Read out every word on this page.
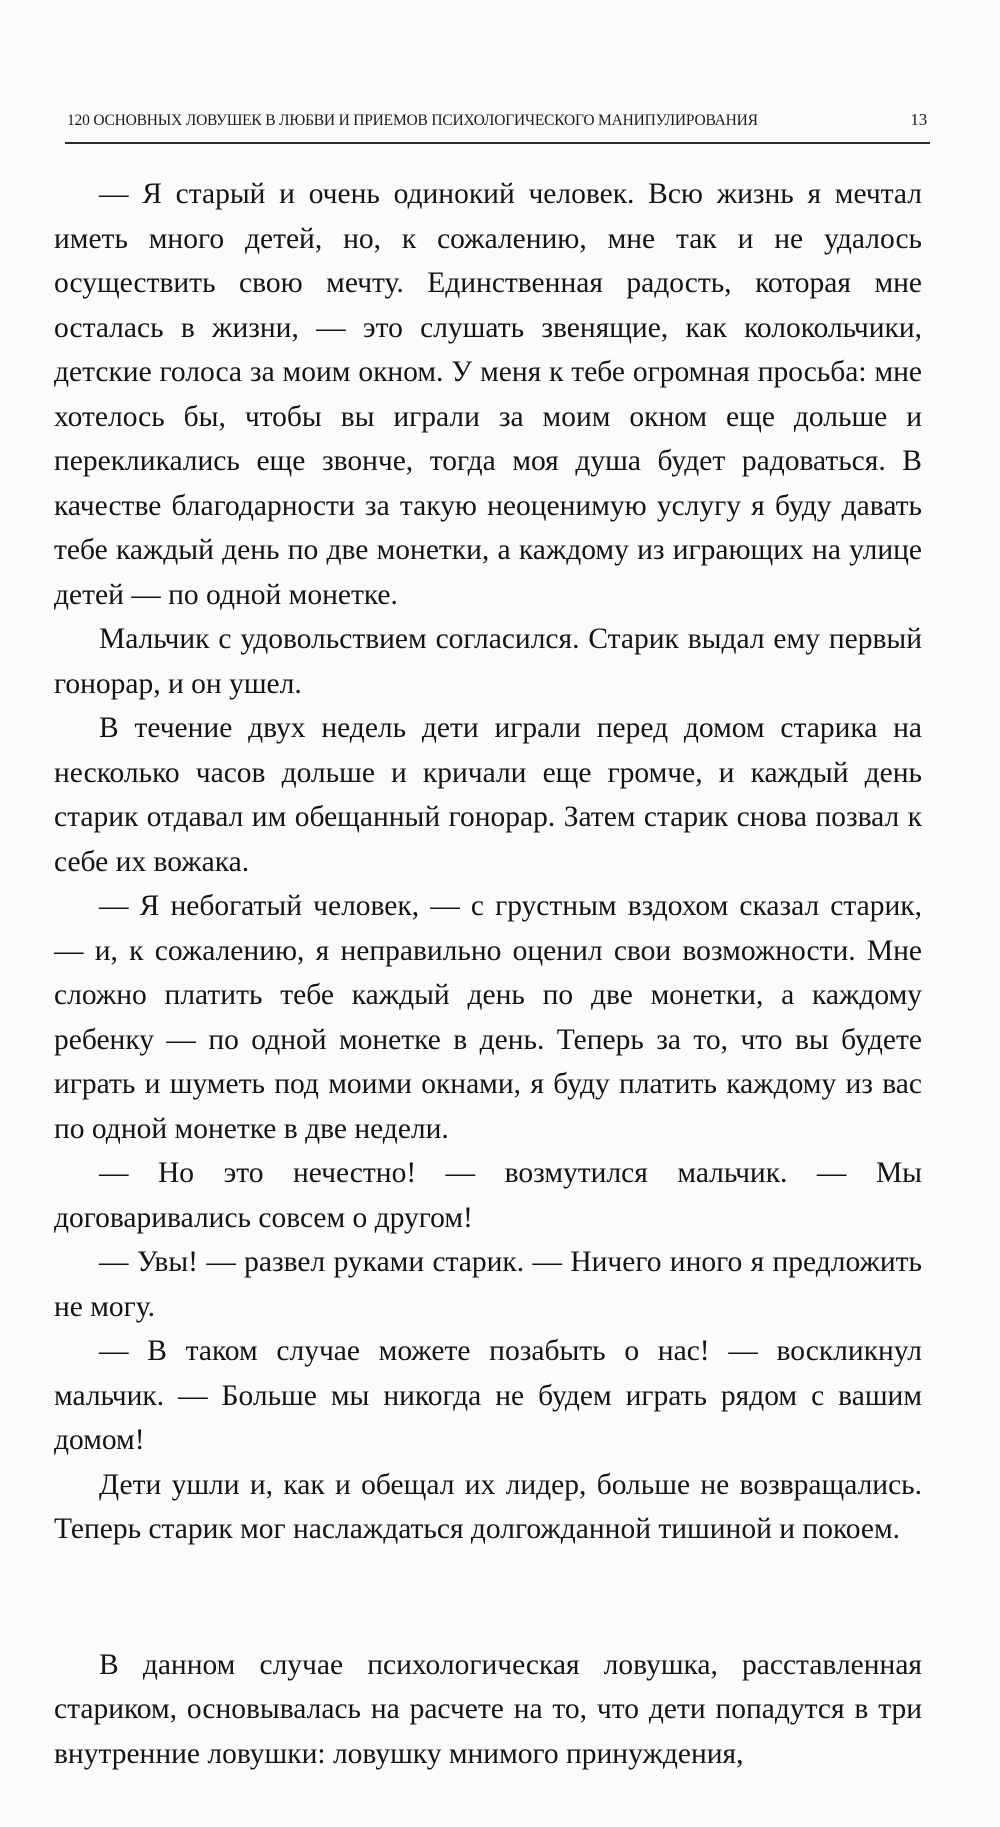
120 ОСНОВНЫХ ЛОВУШЕК В ЛЮБВИ И ПРИЕМОВ ПСИХОЛОГИЧЕСКОГО МАНИПУЛИРОВАНИЯ	13

— Я старый и очень одинокий человек. Всю жизнь я мечтал иметь много детей, но, к сожалению, мне так и не удалось осуществить свою мечту. Единственная радость, которая мне осталась в жизни, — это слушать звенящие, как колокольчики, детские голоса за моим окном. У меня к тебе огромная просьба: мне хотелось бы, чтобы вы играли за моим окном еще дольше и перекликались еще звонче, тогда моя душа будет радоваться. В качестве благодарности за такую неоценимую услугу я буду давать тебе каждый день по две монетки, а каждому из играющих на улице детей — по одной монетке.

Мальчик с удовольствием согласился. Старик выдал ему первый гонорар, и он ушел.

В течение двух недель дети играли перед домом старика на несколько часов дольше и кричали еще громче, и каждый день старик отдавал им обещанный гонорар. Затем старик снова позвал к себе их вожака.

— Я небогатый человек, — с грустным вздохом сказал старик, — и, к сожалению, я неправильно оценил свои возможности. Мне сложно платить тебе каждый день по две монетки, а каждому ребенку — по одной монетке в день. Теперь за то, что вы будете играть и шуметь под моими окнами, я буду платить каждому из вас по одной монетке в две недели.

— Но это нечестно! — возмутился мальчик. — Мы договаривались совсем о другом!

— Увы! — развел руками старик. — Ничего иного я предложить не могу.

— В таком случае можете позабыть о нас! — воскликнул мальчик. — Больше мы никогда не будем играть рядом с вашим домом!

Дети ушли и, как и обещал их лидер, больше не возвращались. Теперь старик мог наслаждаться долгожданной тишиной и покоем.

В данном случае психологическая ловушка, расставленная стариком, основывалась на расчете на то, что дети попадутся в три внутренние ловушки: ловушку мнимого принуждения,
